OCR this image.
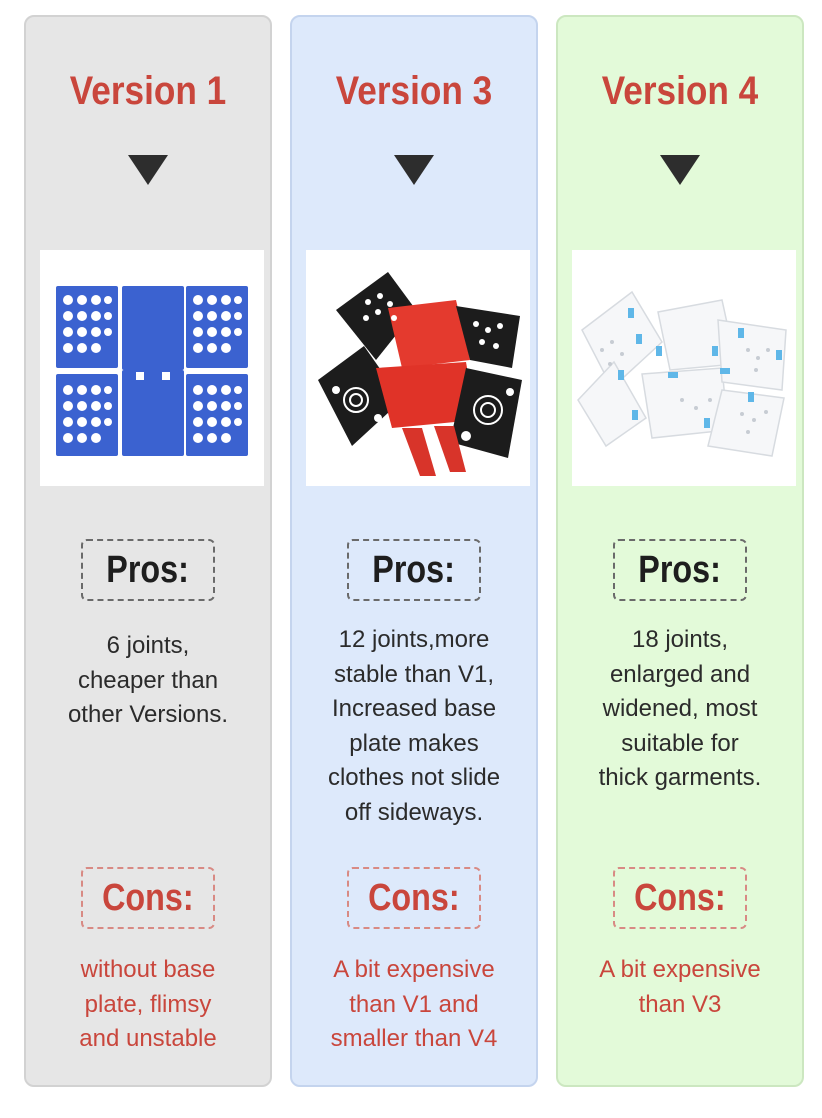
Version 1
Pros:
6 joints,
cheaper than
other Versions.
Cons:
without base
plate, flimsy
and unstable
Version 3
Pros:
12 joints,more
stable than V1,
Increased base
plate makes
clothes not slide
off sideways.
Cons:
A bit expensive
than V1 and
smaller than V4
Version 4
Pros:
18 joints,
enlarged and
widened, most
suitable for
thick garments.
Cons:
A bit expensive
than V3
